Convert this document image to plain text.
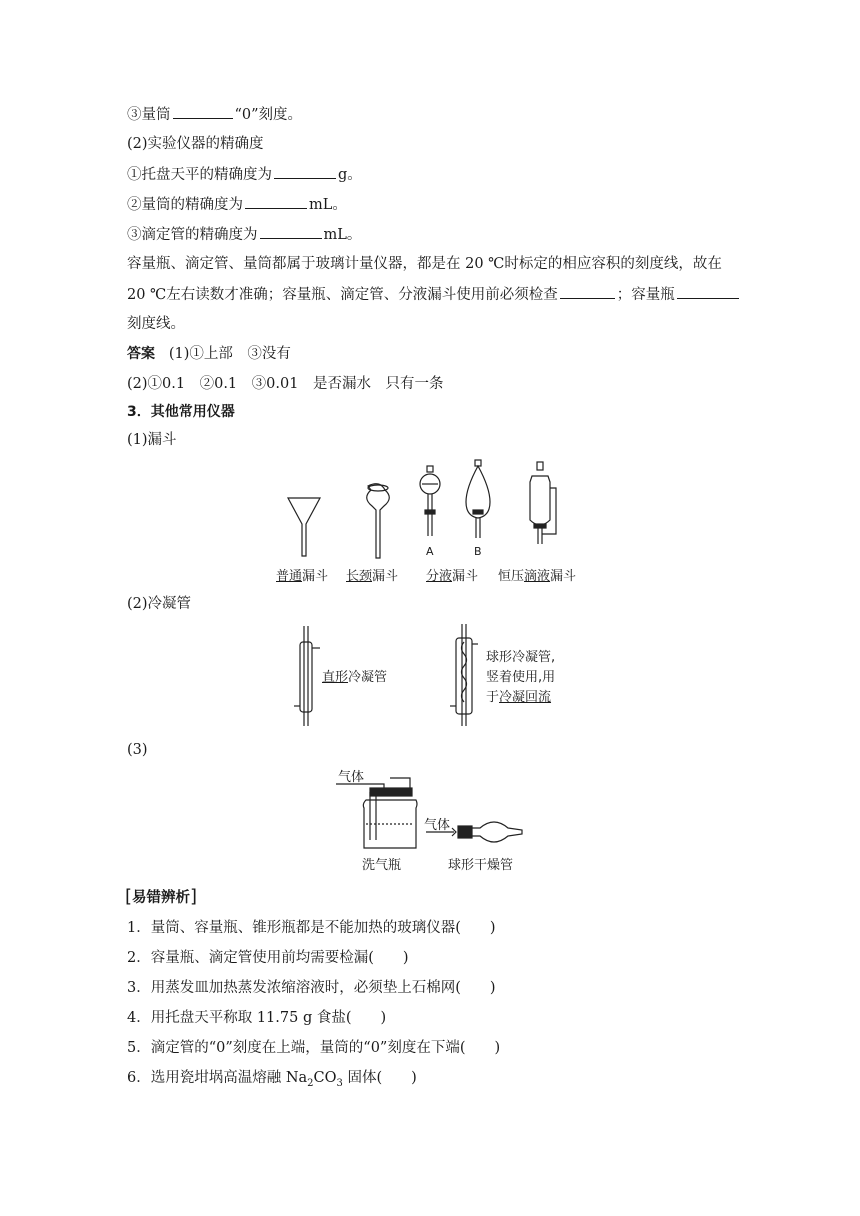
③量筒	“0”刻度。
(2)实验仪器的精确度
①托盘天平的精确度为	g。
②量筒的精确度为	mL。
③滴定管的精确度为	mL。
容量瓶、滴定管、量筒都属于玻璃计量仪器，都是在 20 ℃时标定的相应容积的刻度线，故在
20 ℃左右读数才准确；容量瓶、滴定管、分液漏斗使用前必须检查	；容量瓶
刻度线。
答案 (1)①上部　③没有
(2)①0.1　②0.1　③0.01　是否漏水　只有一条
3．其他常用仪器
(1)漏斗
A	B
普通漏斗 长颈漏斗 分液漏斗 恒压滴液漏斗
(2)冷凝管
直形冷凝管
球形冷凝管,
竖着使用,用
于冷凝回流
(3)
气体
气体
洗气瓶	球形干燥管
[易错辨析]
1．量筒、容量瓶、锥形瓶都是不能加热的玻璃仪器(　　)
2．容量瓶、滴定管使用前均需要检漏(　　)
3．用蒸发皿加热蒸发浓缩溶液时，必须垫上石棉网(　　)
4．用托盘天平称取 11.75 g 食盐(　　)
5．滴定管的“0”刻度在上端，量筒的“0”刻度在下端(　　)
6．选用瓷坩埚高温熔融 $Na_2CO_3$ 固体(　　)
